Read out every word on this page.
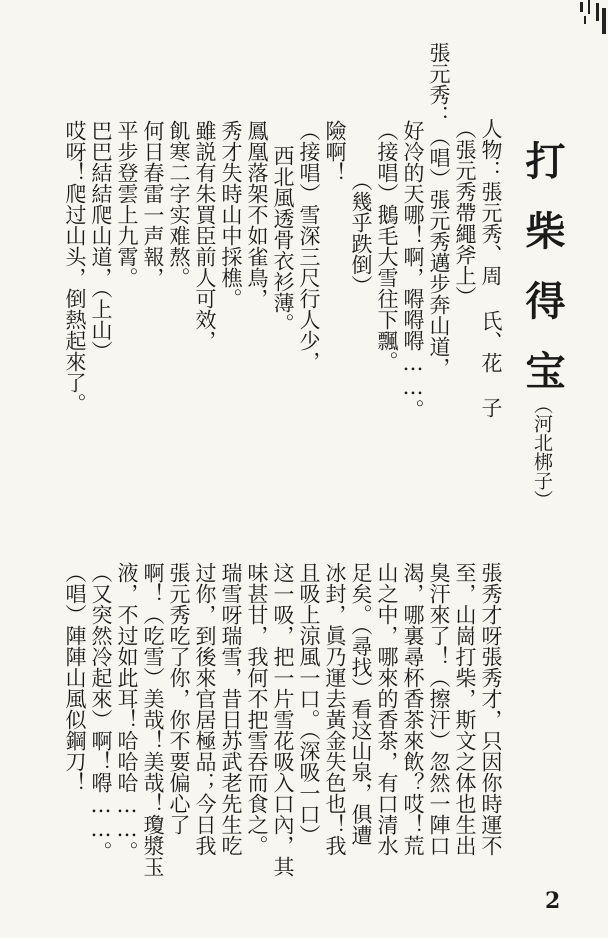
打柴得宝
（河北梆子）
人物：張元秀、周 氏、花 子
（張元秀帶繩斧上）
張元秀：（唱）張元秀邁步奔山道，
好冷的天哪！啊，嘚嘚嘚……。
（接唱）鵝毛大雪往下飄。
（幾乎跌倒）
險啊！
（接唱）雪深三尺行人少，
西北風透骨衣衫薄。
鳳凰落架不如雀鳥，
秀才失時山中採樵。
雖説有朱買臣前人可效，
飢寒二字实难熬。
何日春雷一声報，
平步登雲上九霄。
巴巴結結爬山道，（上山）
哎呀！爬过山头，倒熱起來了。
張秀才呀張秀才，只因你時運不
至，山崗打柴，斯文之体也生出
臭汗來了！（擦汗）忽然一陣口
渴，哪裏尋杯香茶來飲？哎！荒
山之中，哪來的香茶，有口清水
足矣。（尋找）看这山泉，俱遭
冰封，眞乃運去黃金失色也！我
且吸上涼風一口。（深吸一口）
这一吸，把一片雪花吸入口內，其
味甚甘，我何不把雪吞而食之。
瑞雪呀瑞雪，昔日苏武老先生吃
过你，到後來官居極品；今日我
張元秀吃了你，你不要偏心了
啊！（吃雪）美哉！美哉！瓊漿玉
液，不过如此耳！哈哈哈……。
（又突然冷起來）啊！嘚……。
（唱）陣陣山風似鋼刀！
2
